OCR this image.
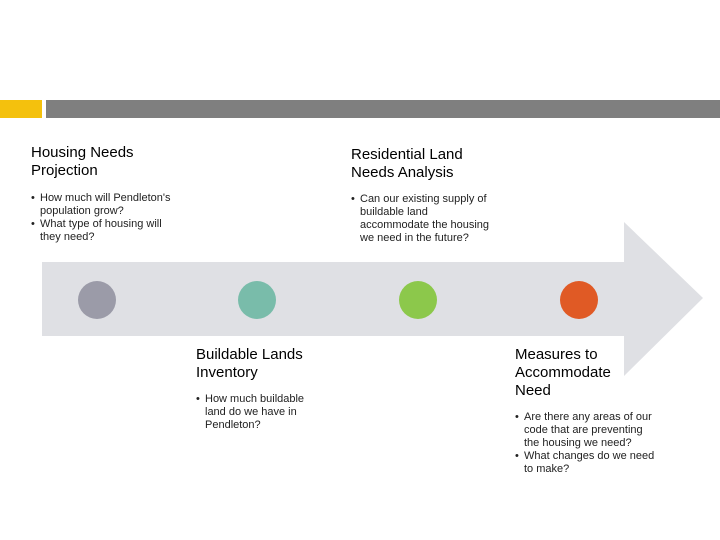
Housing Needs Projection
• How much will Pendleton's population grow?
• What type of housing will they need?
Residential Land Needs Analysis
• Can our existing supply of buildable land accommodate the housing we need in the future?
Buildable Lands Inventory
• How much buildable land do we have in Pendleton?
Measures to Accommodate Need
• Are there any areas of our code that are preventing the housing we need?
• What changes do we need to make?
